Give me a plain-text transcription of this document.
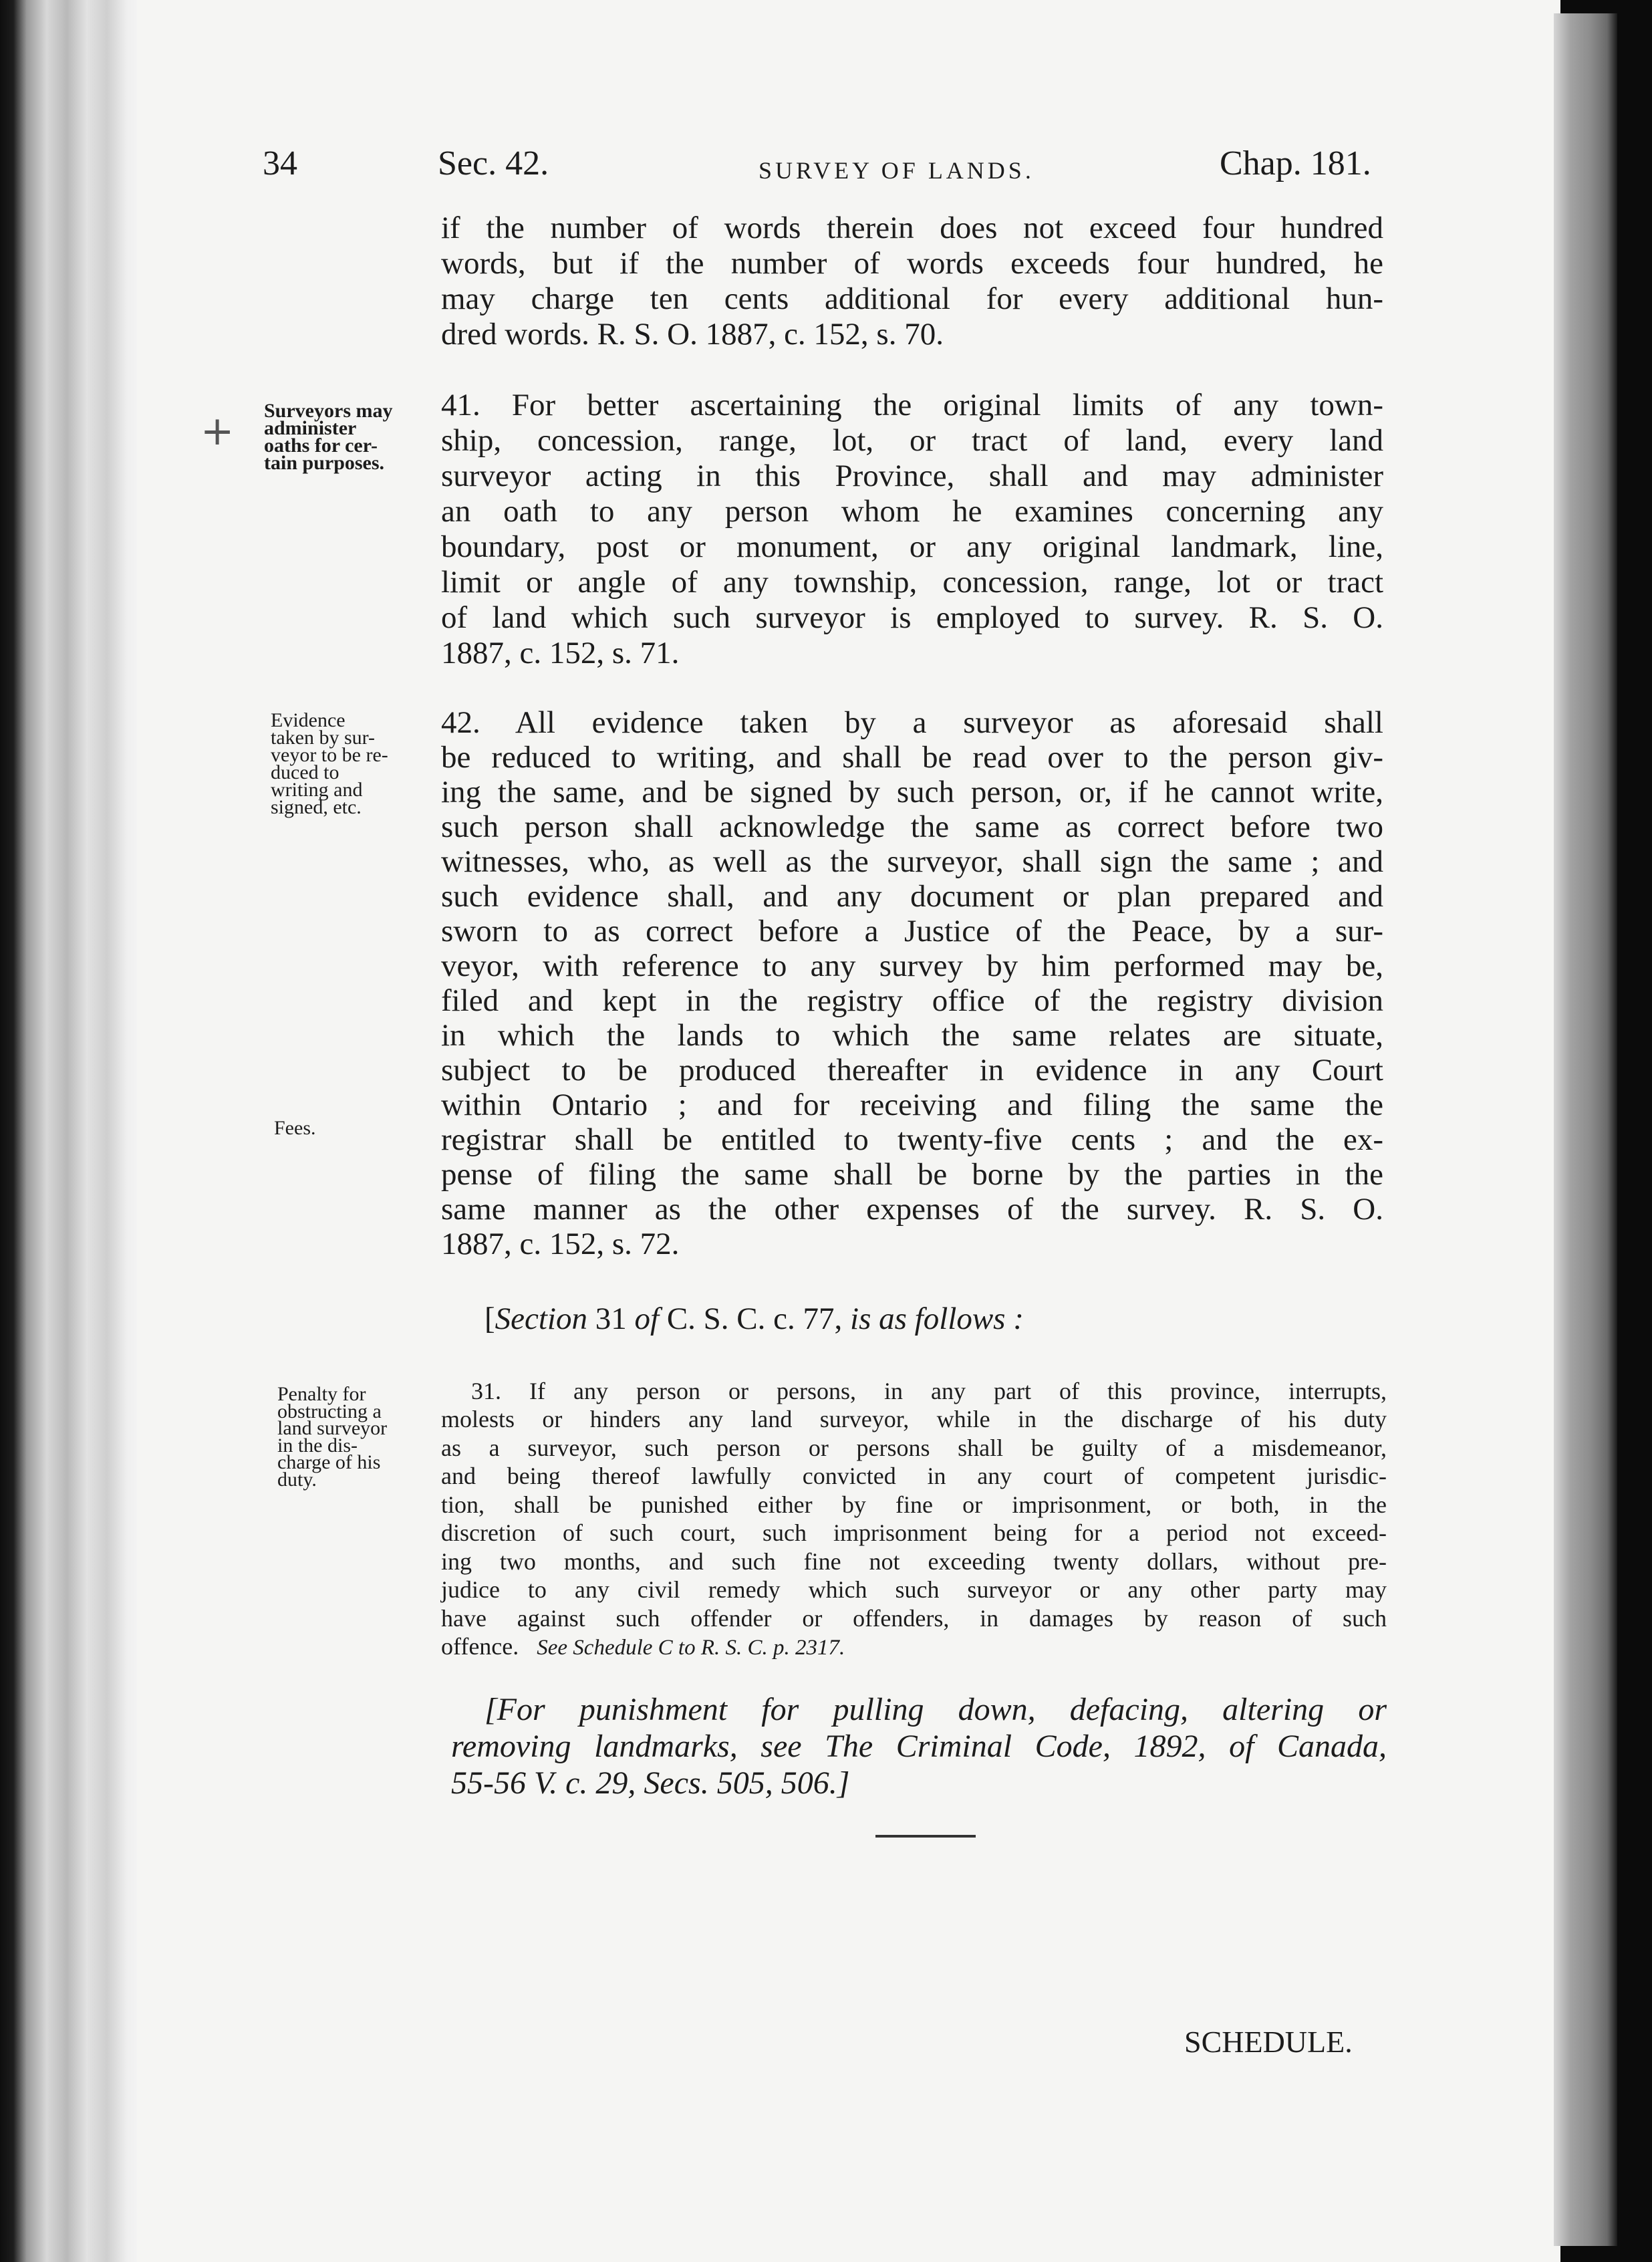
34	Sec. 42.	SURVEY OF LANDS.	Chap. 181.
+
if the number of words therein does not exceed four hundred
words, but if the number of words exceeds four hundred, he
may charge ten cents additional for every additional hun-
dred words. R. S. O. 1887, c. 152, s. 70.
Surveyors may
administer
oaths for cer-
tain purposes.
41. For better ascertaining the original limits of any town-
ship, concession, range, lot, or tract of land, every land
surveyor acting in this Province, shall and may administer
an oath to any person whom he examines concerning any
boundary, post or monument, or any original landmark, line,
limit or angle of any township, concession, range, lot or tract
of land which such surveyor is employed to survey. R. S. O.
1887, c. 152, s. 71.
Evidence
taken by sur-
veyor to be re-
duced to
writing and
signed, etc.
Fees.
42. All evidence taken by a surveyor as aforesaid shall
be reduced to writing, and shall be read over to the person giv-
ing the same, and be signed by such person, or, if he cannot write,
such person shall acknowledge the same as correct before two
witnesses, who, as well as the surveyor, shall sign the same ; and
such evidence shall, and any document or plan prepared and
sworn to as correct before a Justice of the Peace, by a sur-
veyor, with reference to any survey by him performed may be,
filed and kept in the registry office of the registry division
in which the lands to which the same relates are situate,
subject to be produced thereafter in evidence in any Court
within Ontario ; and for receiving and filing the same the
registrar shall be entitled to twenty-five cents ; and the ex-
pense of filing the same shall be borne by the parties in the
same manner as the other expenses of the survey. R. S. O.
1887, c. 152, s. 72.
[Section 31 of C. S. C. c. 77, is as follows :
Penalty for
obstructing a
land surveyor
in the dis-
charge of his
duty.
31. If any person or persons, in any part of this province, interrupts,
molests or hinders any land surveyor, while in the discharge of his duty
as a surveyor, such person or persons shall be guilty of a misdemeanor,
and being thereof lawfully convicted in any court of competent jurisdic-
tion, shall be punished either by fine or imprisonment, or both, in the
discretion of such court, such imprisonment being for a period not exceed-
ing two months, and such fine not exceeding twenty dollars, without pre-
judice to any civil remedy which such surveyor or any other party may
have against such offender or offenders, in damages by reason of such
offence. See Schedule C to R. S. C. p. 2317.
[For punishment for pulling down, defacing, altering or
removing landmarks, see The Criminal Code, 1892, of Canada,
55-56 V. c. 29, Secs. 505, 506.]
SCHEDULE.
